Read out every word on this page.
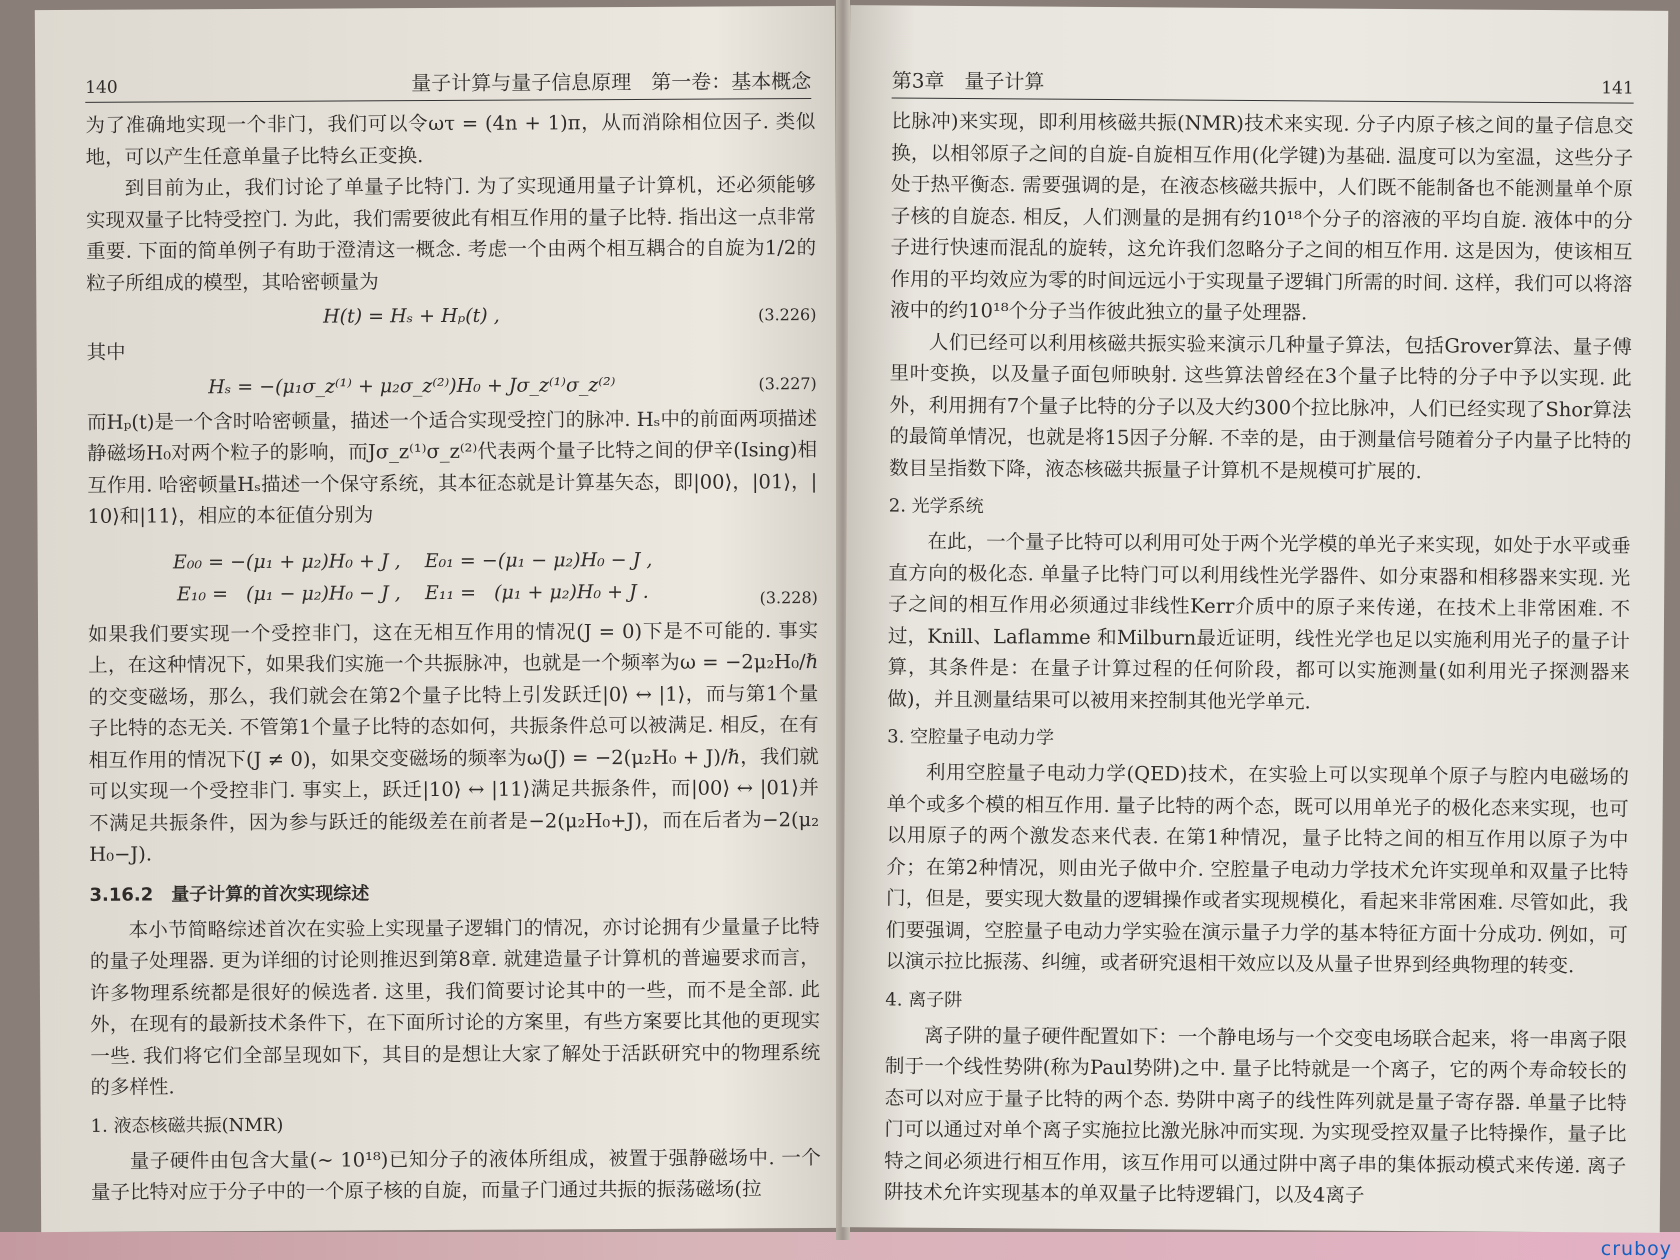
140	量子计算与量子信息原理　第一卷：基本概念

为了准确地实现一个非门，我们可以令ωτ = (4n + 1)π，从而消除相位因子. 类似地，可以产生任意单量子比特幺正变换.

到目前为止，我们讨论了单量子比特门. 为了实现通用量子计算机，还必须能够实现双量子比特受控门. 为此，我们需要彼此有相互作用的量子比特. 指出这一点非常重要. 下面的简单例子有助于澄清这一概念. 考虑一个由两个相互耦合的自旋为1/2的粒子所组成的模型，其哈密顿量为

H(t) = Hₛ + Hₚ(t) ,	(3.226)

其中

Hₛ = −(μ₁σ_z⁽¹⁾ + μ₂σ_z⁽²⁾)H₀ + Jσ_z⁽¹⁾σ_z⁽²⁾	(3.227)

而Hₚ(t)是一个含时哈密顿量，描述一个适合实现受控门的脉冲. Hₛ中的前面两项描述静磁场H₀对两个粒子的影响，而Jσ_z⁽¹⁾σ_z⁽²⁾代表两个量子比特之间的伊辛(Ising)相互作用. 哈密顿量Hₛ描述一个保守系统，其本征态就是计算基矢态，即|00⟩，|01⟩，|10⟩和|11⟩，相应的本征值分别为

E₀₀ = −(μ₁ + μ₂)H₀ + J ,    E₀₁ = −(μ₁ − μ₂)H₀ − J ,
E₁₀ =   (μ₁ − μ₂)H₀ − J ,    E₁₁ =   (μ₁ + μ₂)H₀ + J .	(3.228)

如果我们要实现一个受控非门，这在无相互作用的情况(J = 0)下是不可能的. 事实上，在这种情况下，如果我们实施一个共振脉冲，也就是一个频率为ω = −2μ₂H₀/ℏ的交变磁场，那么，我们就会在第2个量子比特上引发跃迁|0⟩ ↔ |1⟩，而与第1个量子比特的态无关. 不管第1个量子比特的态如何，共振条件总可以被满足. 相反，在有相互作用的情况下(J ≠ 0)，如果交变磁场的频率为ω(J) = −2(μ₂H₀ + J)/ℏ，我们就可以实现一个受控非门. 事实上，跃迁|10⟩ ↔ |11⟩满足共振条件，而|00⟩ ↔ |01⟩并不满足共振条件，因为参与跃迁的能级差在前者是−2(μ₂H₀+J)，而在后者为−2(μ₂H₀−J).

3.16.2　量子计算的首次实现综述

本小节简略综述首次在实验上实现量子逻辑门的情况，亦讨论拥有少量量子比特的量子处理器. 更为详细的讨论则推迟到第8章. 就建造量子计算机的普遍要求而言，许多物理系统都是很好的候选者. 这里，我们简要讨论其中的一些，而不是全部. 此外，在现有的最新技术条件下，在下面所讨论的方案里，有些方案要比其他的更现实一些. 我们将它们全部呈现如下，其目的是想让大家了解处于活跃研究中的物理系统的多样性.

1. 液态核磁共振(NMR)

量子硬件由包含大量(∼ 10¹⁸)已知分子的液体所组成，被置于强静磁场中. 一个量子比特对应于分子中的一个原子核的自旋，而量子门通过共振的振荡磁场(拉

第3章　量子计算	141

比脉冲)来实现，即利用核磁共振(NMR)技术来实现. 分子内原子核之间的量子信息交换，以相邻原子之间的自旋-自旋相互作用(化学键)为基础. 温度可以为室温，这些分子处于热平衡态. 需要强调的是，在液态核磁共振中，人们既不能制备也不能测量单个原子核的自旋态. 相反，人们测量的是拥有约10¹⁸个分子的溶液的平均自旋. 液体中的分子进行快速而混乱的旋转，这允许我们忽略分子之间的相互作用. 这是因为，使该相互作用的平均效应为零的时间远远小于实现量子逻辑门所需的时间. 这样，我们可以将溶液中的约10¹⁸个分子当作彼此独立的量子处理器.

人们已经可以利用核磁共振实验来演示几种量子算法，包括Grover算法、量子傅里叶变换，以及量子面包师映射. 这些算法曾经在3个量子比特的分子中予以实现. 此外，利用拥有7个量子比特的分子以及大约300个拉比脉冲，人们已经实现了Shor算法的最简单情况，也就是将15因子分解. 不幸的是，由于测量信号随着分子内量子比特的数目呈指数下降，液态核磁共振量子计算机不是规模可扩展的.

2. 光学系统

在此，一个量子比特可以利用可处于两个光学模的单光子来实现，如处于水平或垂直方向的极化态. 单量子比特门可以利用线性光学器件、如分束器和相移器来实现. 光子之间的相互作用必须通过非线性Kerr介质中的原子来传递，在技术上非常困难. 不过，Knill、Laflamme 和Milburn最近证明，线性光学也足以实施利用光子的量子计算，其条件是：在量子计算过程的任何阶段，都可以实施测量(如利用光子探测器来做)，并且测量结果可以被用来控制其他光学单元.

3. 空腔量子电动力学

利用空腔量子电动力学(QED)技术，在实验上可以实现单个原子与腔内电磁场的单个或多个模的相互作用. 量子比特的两个态，既可以用单光子的极化态来实现，也可以用原子的两个激发态来代表. 在第1种情况，量子比特之间的相互作用以原子为中介；在第2种情况，则由光子做中介. 空腔量子电动力学技术允许实现单和双量子比特门，但是，要实现大数量的逻辑操作或者实现规模化，看起来非常困难. 尽管如此，我们要强调，空腔量子电动力学实验在演示量子力学的基本特征方面十分成功. 例如，可以演示拉比振荡、纠缠，或者研究退相干效应以及从量子世界到经典物理的转变.

4. 离子阱

离子阱的量子硬件配置如下：一个静电场与一个交变电场联合起来，将一串离子限制于一个线性势阱(称为Paul势阱)之中. 量子比特就是一个离子，它的两个寿命较长的态可以对应于量子比特的两个态. 势阱中离子的线性阵列就是量子寄存器. 单量子比特门可以通过对单个离子实施拉比激光脉冲而实现. 为实现受控双量子比特操作，量子比特之间必须进行相互作用，该互作用可以通过阱中离子串的集体振动模式来传递. 离子阱技术允许实现基本的单双量子比特逻辑门，以及4离子

cruboy
